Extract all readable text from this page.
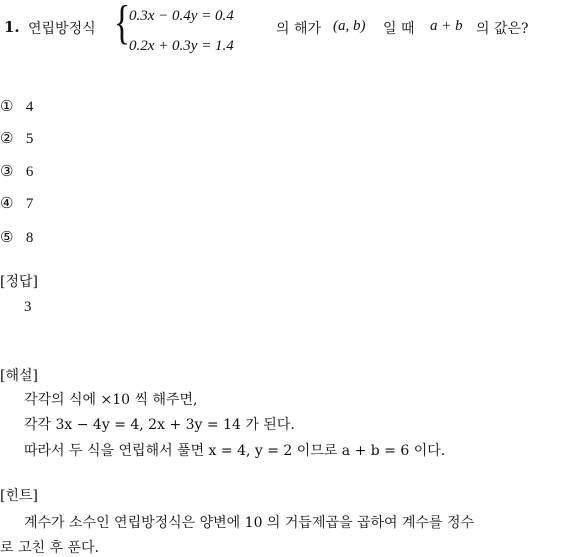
1. 연립방정식 {
0.3x − 0.4y = 0.4
0.2x + 0.3y = 1.4
의 해가 (a, b) 일 때 a + b 의 값은?
① 4
② 5
③ 6
④ 7
⑤ 8
[정답]
3
[해설]
각각의 식에 ×10 씩 해주면,
각각 3x − 4y = 4, 2x + 3y = 14 가 된다.
따라서 두 식을 연립해서 풀면 x = 4, y = 2 이므로 a + b = 6 이다.
[힌트]
계수가 소수인 연립방정식은 양변에 10 의 거듭제곱을 곱하여 계수를 정수
로 고친 후 푼다.
